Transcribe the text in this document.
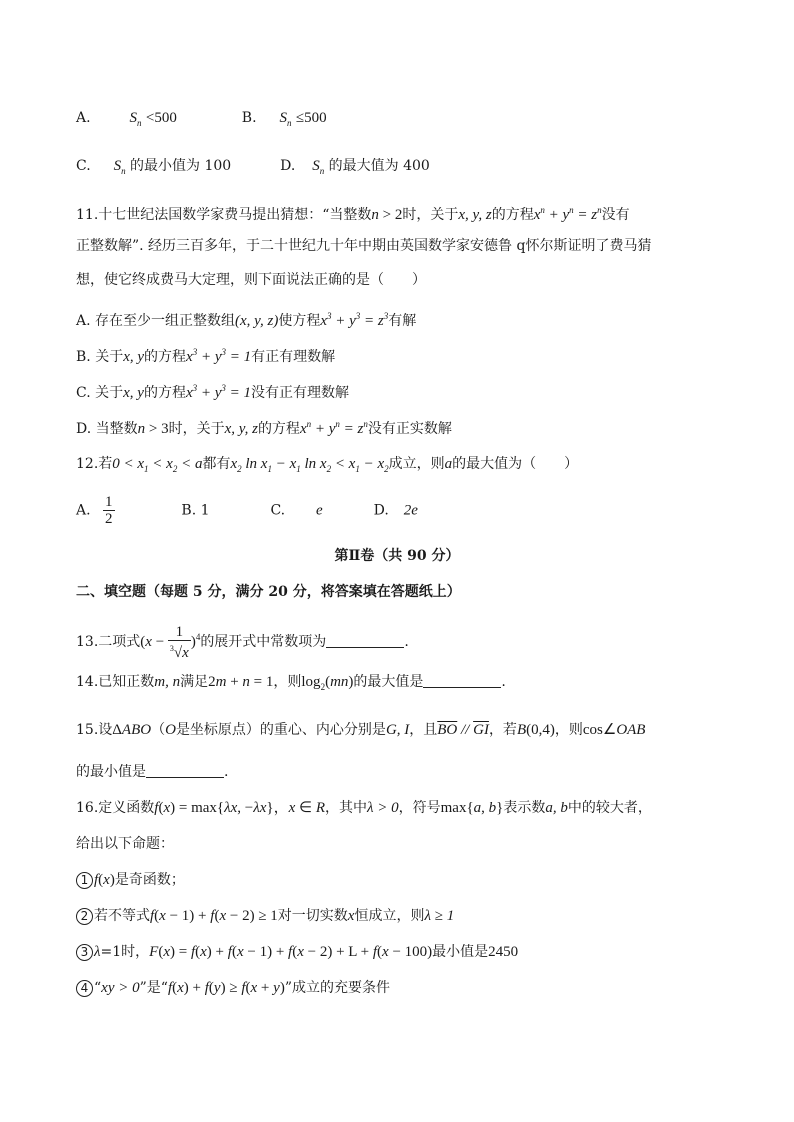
A.	$S_n <500$	B. $S_n \le 500$
C. $S_n$ 的最小值为 100	D. $S_n$ 的最大值为 400
11.十七世纪法国数学家费马提出猜想：“当整数n > 2时，关于x, y, z的方程$x^n + y^n = z^n$没有
正整数解”. 经历三百多年，于二十世纪九十年中期由英国数学家安德鲁 q怀尔斯证明了费马猜
想，使它终成费马大定理，则下面说法正确的是（　　）
A. 存在至少一组正整数组(x, y, z)使方程$x^3 + y^3 = z^3$有解
B. 关于x, y的方程$x^3 + y^3 = 1$有正有理数解
C. 关于x, y的方程$x^3 + y^3 = 1$没有正有理数解
D. 当整数n > 3时，关于x, y, z的方程$x^n + y^n = z^n$没有正实数解
12.若$0 < x_1 < x_2 < a$都有$x_2$ $\ln x_1 - x_1$ $\ln x_2 < x_1 - x_2$成立，则a的最大值为（　　）
A. $\frac{1}{2}$	B. 1	C. e	D. 2e
第Ⅱ卷（共 90 分）
二、填空题（每题 5 分，满分 20 分，将答案填在答题纸上）
13.二项式$(x - \frac{1}{^3√x} )^4$的展开式中常数项为	.
14.已知正数m, n满足2m + n = 1，则$\log_2(mn)$的最大值是	.
15.设ΔABO（O是坐标原点）的重心、内心分别是G, I，且$\overline{BO} // \overline{GI}$，若B(0,4)，则cos∠OAB
的最小值是	.
16.定义函数f(x) = max{λx, −λx}，x ∈ R，其中λ > 0，符号max{a, b}表示数a, b中的较大者，
给出以下命题：
1 f(x)是奇函数；
2 若不等式f(x − 1) + f(x − 2) ≥ 1对一切实数x恒成立，则λ ≥ 1
3 λ=1时，F(x) = f(x) + f(x − 1) + f(x − 2) + L + f(x − 100)最小值是2450
4 “xy > 0”是“f(x) + f(y) ≥ f(x + y)”成立的充要条件
